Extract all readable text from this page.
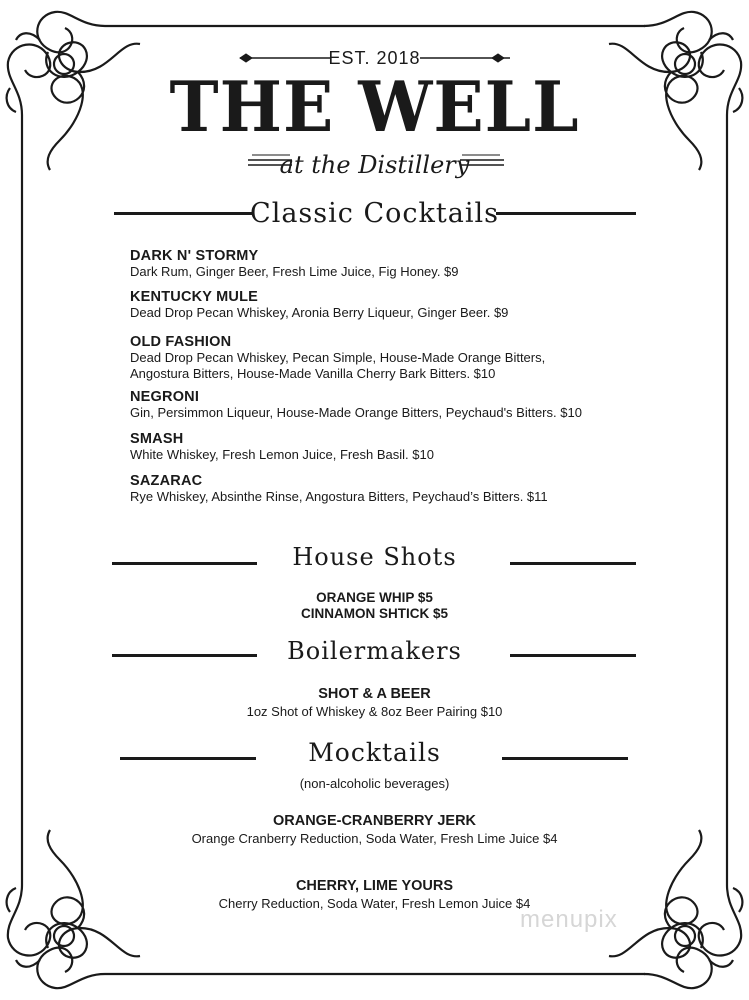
EST. 2018
THE WELL
at the Distillery
Classic Cocktails
DARK N' STORMY
Dark Rum, Ginger Beer, Fresh Lime Juice, Fig Honey. $9
KENTUCKY MULE
Dead Drop Pecan Whiskey, Aronia Berry Liqueur, Ginger Beer. $9
OLD FASHION
Dead Drop Pecan Whiskey, Pecan Simple, House-Made Orange Bitters,
Angostura Bitters, House-Made Vanilla Cherry Bark Bitters. $10
NEGRONI
Gin, Persimmon Liqueur, House-Made Orange Bitters, Peychaud's Bitters. $10
SMASH
White Whiskey, Fresh Lemon Juice, Fresh Basil. $10
SAZARAC
Rye Whiskey, Absinthe Rinse, Angostura Bitters, Peychaud’s Bitters. $11
House Shots
ORANGE WHIP $5
CINNAMON SHTICK $5
Boilermakers
SHOT & A BEER
1oz Shot of Whiskey & 8oz Beer Pairing $10
Mocktails
(non-alcoholic beverages)
ORANGE-CRANBERRY JERK
Orange Cranberry Reduction, Soda Water, Fresh Lime Juice $4
CHERRY, LIME YOURS
Cherry Reduction, Soda Water, Fresh Lemon Juice $4
menupix
